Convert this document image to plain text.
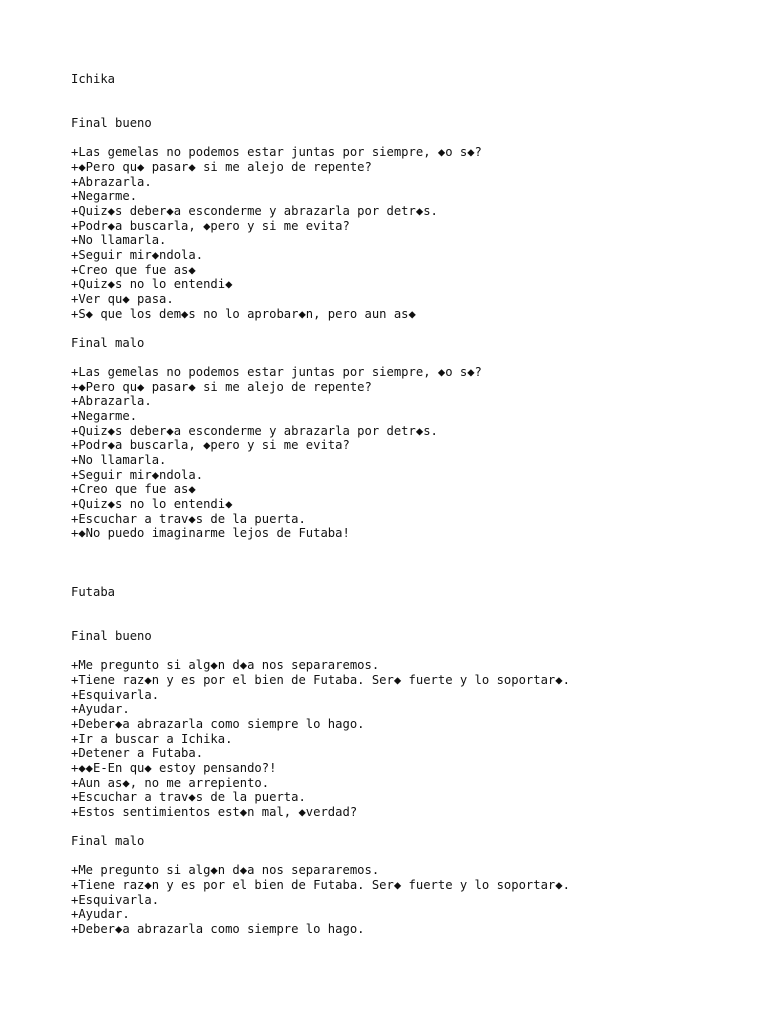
Ichika
Final bueno
+Las gemelas no podemos estar juntas por siempre, ◆o s◆?
+◆Pero qu◆ pasar◆ si me alejo de repente?
+Abrazarla.
+Negarme.
+Quiz◆s deber◆a esconderme y abrazarla por detr◆s.
+Podr◆a buscarla, ◆pero y si me evita?
+No llamarla.
+Seguir mir◆ndola.
+Creo que fue as◆
+Quiz◆s no lo entendi◆
+Ver qu◆ pasa.
+S◆ que los dem◆s no lo aprobar◆n, pero aun as◆
Final malo
+Las gemelas no podemos estar juntas por siempre, ◆o s◆?
+◆Pero qu◆ pasar◆ si me alejo de repente?
+Abrazarla.
+Negarme.
+Quiz◆s deber◆a esconderme y abrazarla por detr◆s.
+Podr◆a buscarla, ◆pero y si me evita?
+No llamarla.
+Seguir mir◆ndola.
+Creo que fue as◆
+Quiz◆s no lo entendi◆
+Escuchar a trav◆s de la puerta.
+◆No puedo imaginarme lejos de Futaba!
Futaba
Final bueno
+Me pregunto si alg◆n d◆a nos separaremos.
+Tiene raz◆n y es por el bien de Futaba. Ser◆ fuerte y lo soportar◆.
+Esquivarla.
+Ayudar.
+Deber◆a abrazarla como siempre lo hago.
+Ir a buscar a Ichika.
+Detener a Futaba.
+◆◆E-En qu◆ estoy pensando?!
+Aun as◆, no me arrepiento.
+Escuchar a trav◆s de la puerta.
+Estos sentimientos est◆n mal, ◆verdad?
Final malo
+Me pregunto si alg◆n d◆a nos separaremos.
+Tiene raz◆n y es por el bien de Futaba. Ser◆ fuerte y lo soportar◆.
+Esquivarla.
+Ayudar.
+Deber◆a abrazarla como siempre lo hago.
